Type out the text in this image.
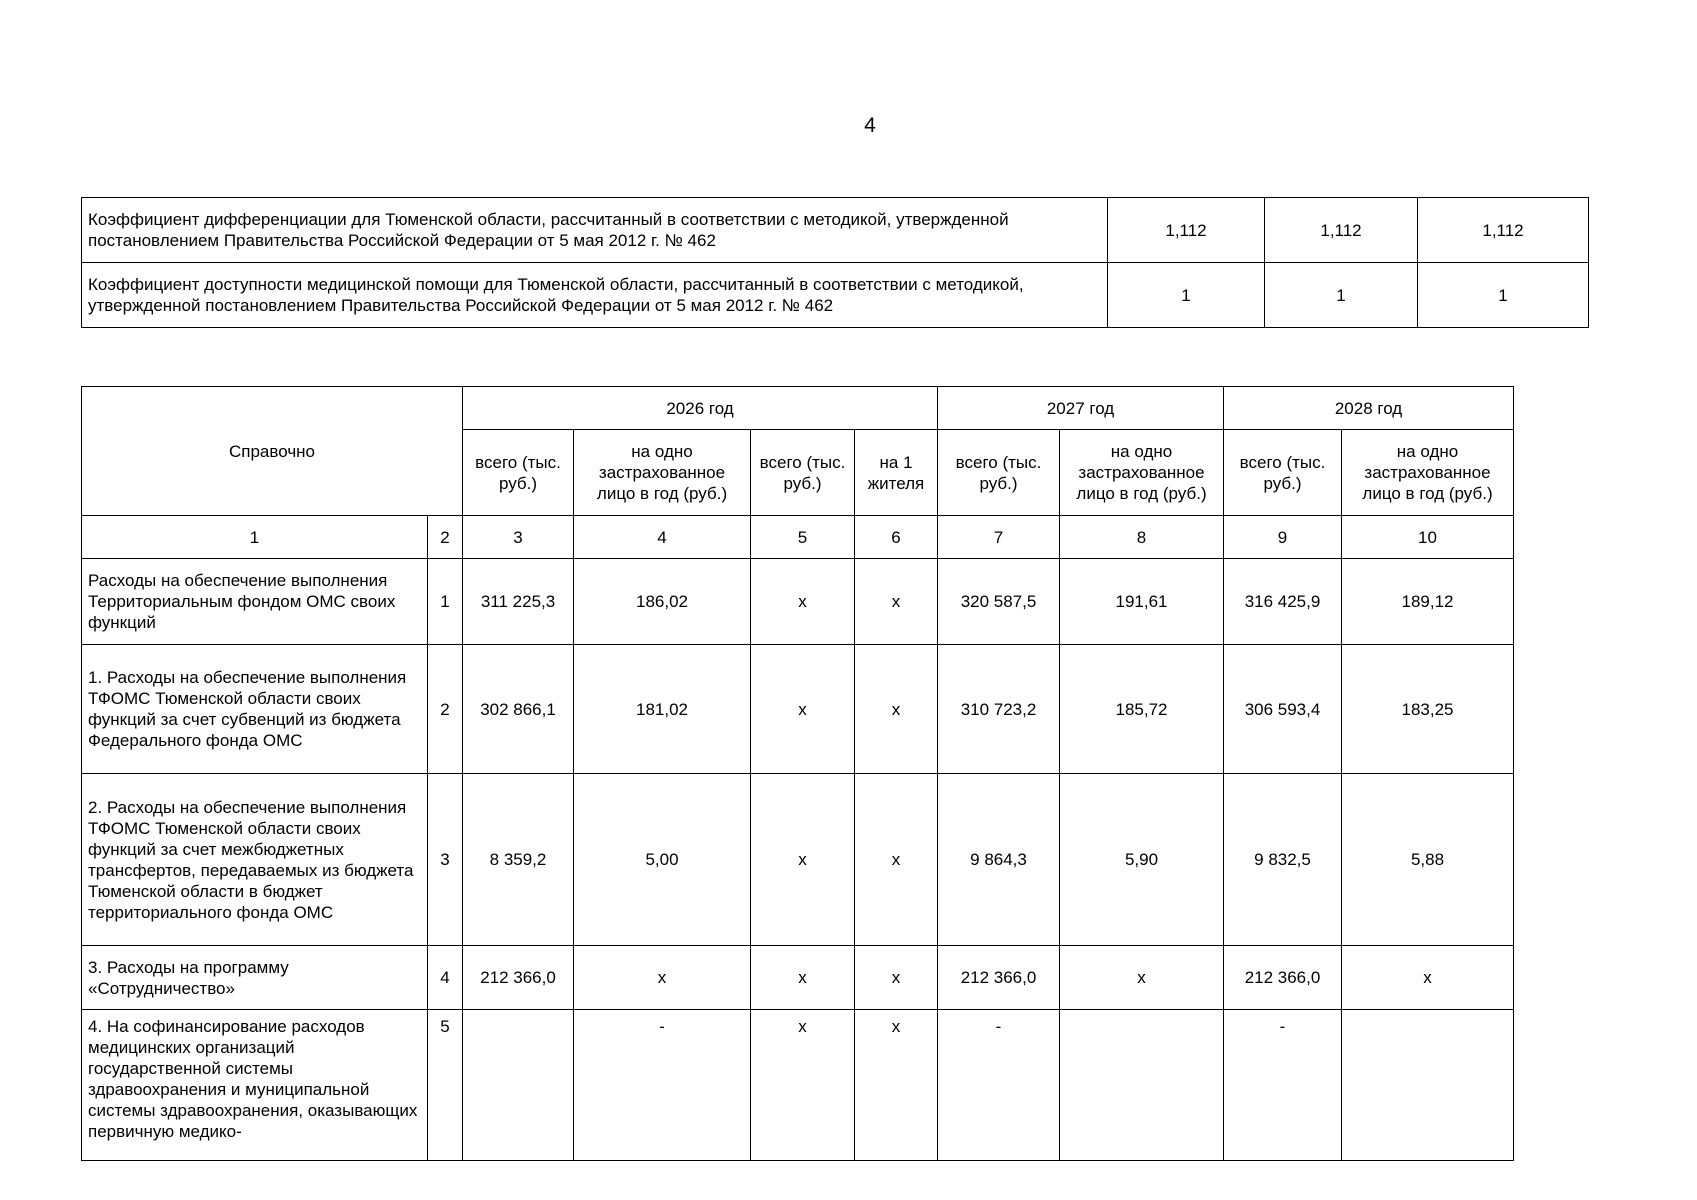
4
Коэффициент дифференциации для Тюменской области, рассчитанный в соответствии с методикой, утвержденной постановлением Правительства Российской Федерации от 5 мая 2012 г. № 462	1,112	1,112	1,112
Коэффициент доступности медицинской помощи для Тюменской области, рассчитанный в соответствии с методикой, утвержденной постановлением Правительства Российской Федерации от 5 мая 2012 г. № 462	1	1	1
Справочно		2026 год				2027 год		2028 год	
		всего (тыс. руб.)	на одно застрахованное лицо в год (руб.)	всего (тыс. руб.)	на 1 жителя	всего (тыс. руб.)	на одно застрахованное лицо в год (руб.)	всего (тыс. руб.)	на одно застрахованное лицо в год (руб.)
1	2	3	4	5	6	7	8	9	10
Расходы на обеспечение выполнения Территориальным фондом ОМС своих функций	1	311 225,3	186,02	х	х	320 587,5	191,61	316 425,9	189,12
1. Расходы на обеспечение выполнения ТФОМС Тюменской области своих функций за счет субвенций из бюджета Федерального фонда ОМС	2	302 866,1	181,02	х	х	310 723,2	185,72	306 593,4	183,25
2. Расходы на обеспечение выполнения ТФОМС Тюменской области своих функций за счет межбюджетных трансфертов, передаваемых из бюджета Тюменской области в бюджет территориального фонда ОМС	3	8 359,2	5,00	х	х	9 864,3	5,90	9 832,5	5,88
3. Расходы на программу «Сотрудничество»	4	212 366,0	х	х	х	212 366,0	х	212 366,0	х
4. На софинансирование расходов медицинских организаций государственной системы здравоохранения и муниципальной системы здравоохранения, оказывающих первичную медико-	5		-	х	х	-		-	
